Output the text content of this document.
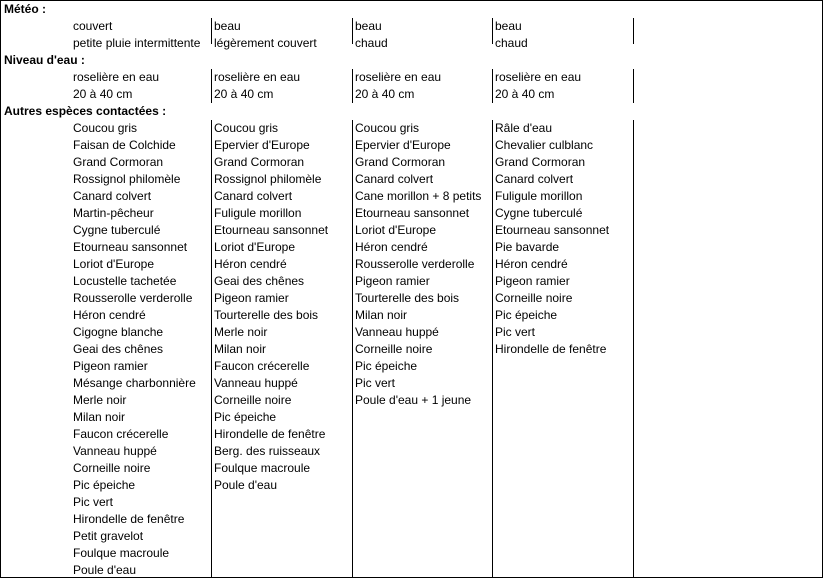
Météo :
Niveau d'eau :
Autres espèces contactées :
couvert
petite pluie intermittente
roselière en eau
20 à 40 cm
Coucou gris
Faisan de Colchide
Grand Cormoran
Rossignol philomèle
Canard colvert
Martin-pêcheur
Cygne tuberculé
Etourneau sansonnet
Loriot d'Europe
Locustelle tachetée
Rousserolle verderolle
Héron cendré
Cigogne blanche
Geai des chênes
Pigeon ramier
Mésange charbonnière
Merle noir
Milan noir
Faucon crécerelle
Vanneau huppé
Corneille noire
Pic épeiche
Pic vert
Hirondelle de fenêtre
Petit gravelot
Foulque macroule
Poule d'eau
beau
légèrement couvert
roselière en eau
20 à 40 cm
Coucou gris
Epervier d'Europe
Grand Cormoran
Rossignol philomèle
Canard colvert
Fuligule morillon
Etourneau sansonnet
Loriot d'Europe
Héron cendré
Geai des chênes
Pigeon ramier
Tourterelle des bois
Merle noir
Milan noir
Faucon crécerelle
Vanneau huppé
Corneille noire
Pic épeiche
Hirondelle de fenêtre
Berg. des ruisseaux
Foulque macroule
Poule d'eau
beau
chaud
roselière en eau
20 à 40 cm
Coucou gris
Epervier d'Europe
Grand Cormoran
Canard colvert
Cane morillon + 8 petits
Etourneau sansonnet
Loriot d'Europe
Héron cendré
Rousserolle verderolle
Pigeon ramier
Tourterelle des bois
Milan noir
Vanneau huppé
Corneille noire
Pic épeiche
Pic vert
Poule d'eau + 1 jeune
beau
chaud
roselière en eau
20 à 40 cm
Râle d'eau
Chevalier culblanc
Grand Cormoran
Canard colvert
Fuligule morillon
Cygne tuberculé
Etourneau sansonnet
Pie bavarde
Héron cendré
Pigeon ramier
Corneille noire
Pic épeiche
Pic vert
Hirondelle de fenêtre
